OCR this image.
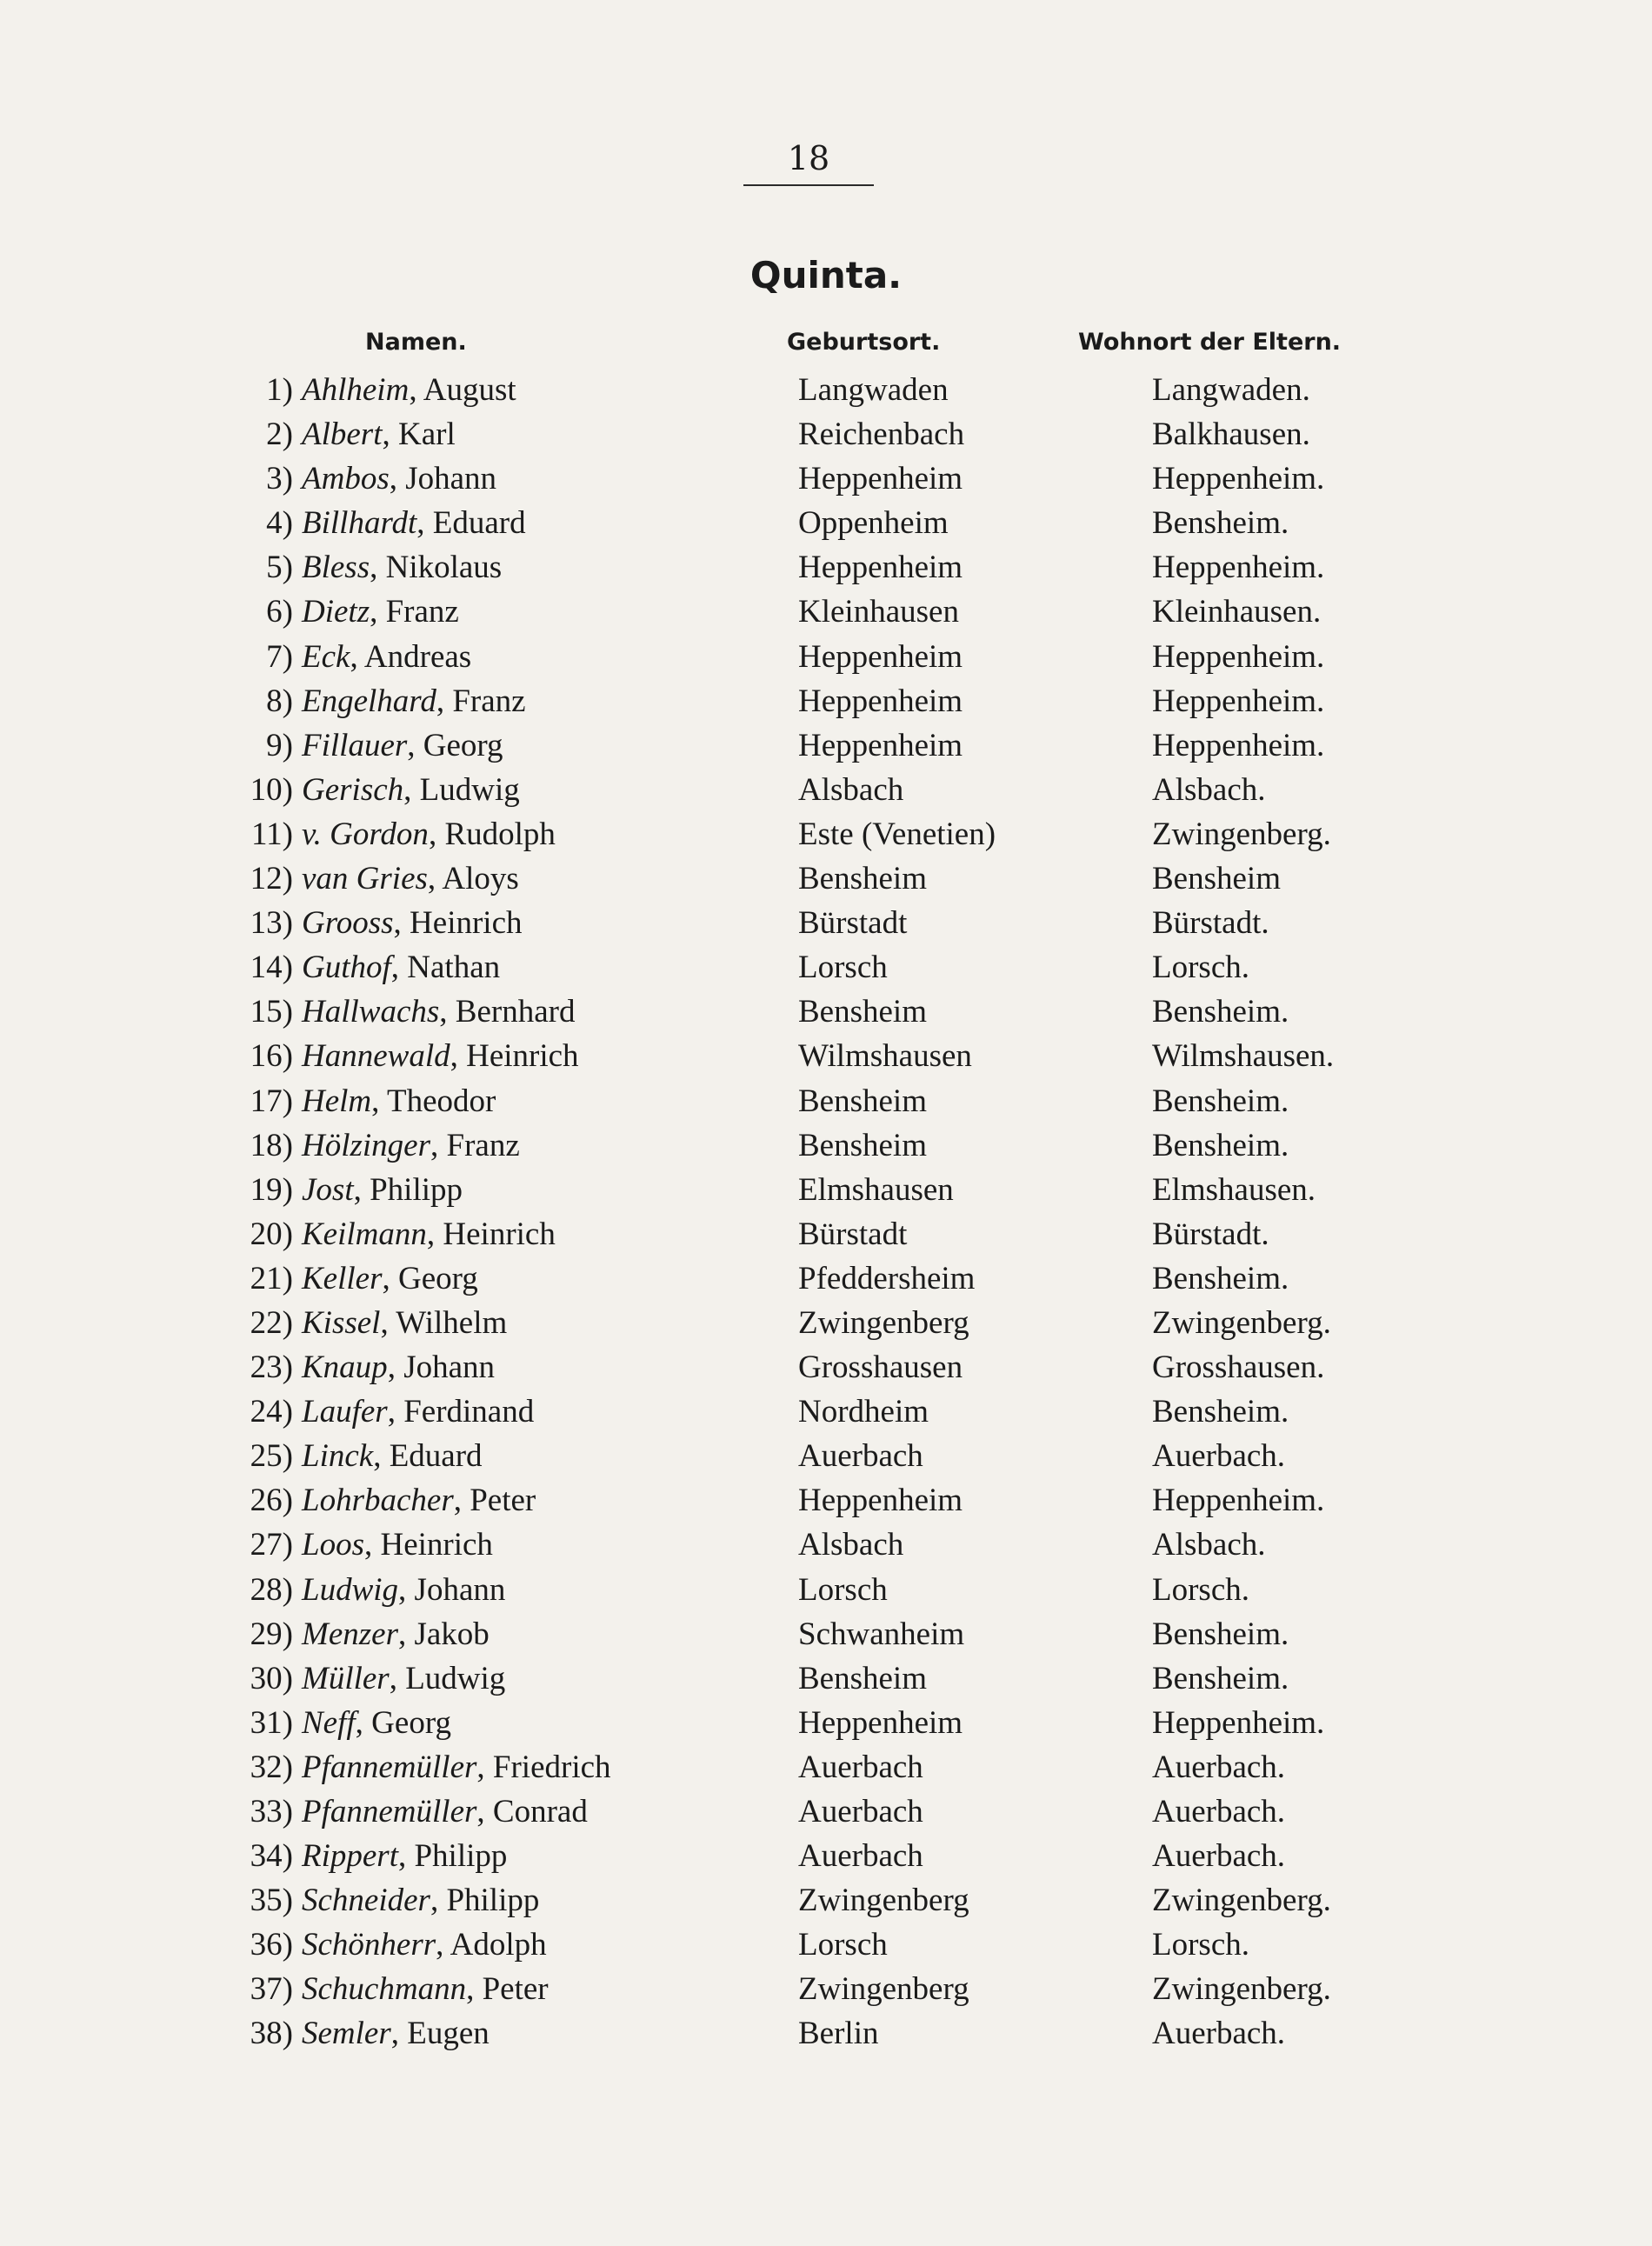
18
Quinta.
Namen.	Geburtsort.	Wohnort der Eltern.
1) Ahlheim, August	Langwaden	Langwaden.
2) Albert, Karl	Reichenbach	Balkhausen.
3) Ambos, Johann	Heppenheim	Heppenheim.
4) Billhardt, Eduard	Oppenheim	Bensheim.
5) Bless, Nikolaus	Heppenheim	Heppenheim.
6) Dietz, Franz	Kleinhausen	Kleinhausen.
7) Eck, Andreas	Heppenheim	Heppenheim.
8) Engelhard, Franz	Heppenheim	Heppenheim.
9) Fillauer, Georg	Heppenheim	Heppenheim.
10) Gerisch, Ludwig	Alsbach	Alsbach.
11) v. Gordon, Rudolph	Este (Venetien)	Zwingenberg.
12) van Gries, Aloys	Bensheim	Bensheim
13) Grooss, Heinrich	Bürstadt	Bürstadt.
14) Guthof, Nathan	Lorsch	Lorsch.
15) Hallwachs, Bernhard	Bensheim	Bensheim.
16) Hannewald, Heinrich	Wilmshausen	Wilmshausen.
17) Helm, Theodor	Bensheim	Bensheim.
18) Hölzinger, Franz	Bensheim	Bensheim.
19) Jost, Philipp	Elmshausen	Elmshausen.
20) Keilmann, Heinrich	Bürstadt	Bürstadt.
21) Keller, Georg	Pfeddersheim	Bensheim.
22) Kissel, Wilhelm	Zwingenberg	Zwingenberg.
23) Knaup, Johann	Grosshausen	Grosshausen.
24) Laufer, Ferdinand	Nordheim	Bensheim.
25) Linck, Eduard	Auerbach	Auerbach.
26) Lohrbacher, Peter	Heppenheim	Heppenheim.
27) Loos, Heinrich	Alsbach	Alsbach.
28) Ludwig, Johann	Lorsch	Lorsch.
29) Menzer, Jakob	Schwanheim	Bensheim.
30) Müller, Ludwig	Bensheim	Bensheim.
31) Neff, Georg	Heppenheim	Heppenheim.
32) Pfannemüller, Friedrich	Auerbach	Auerbach.
33) Pfannemüller, Conrad	Auerbach	Auerbach.
34) Rippert, Philipp	Auerbach	Auerbach.
35) Schneider, Philipp	Zwingenberg	Zwingenberg.
36) Schönherr, Adolph	Lorsch	Lorsch.
37) Schuchmann, Peter	Zwingenberg	Zwingenberg.
38) Semler, Eugen	Berlin	Auerbach.
